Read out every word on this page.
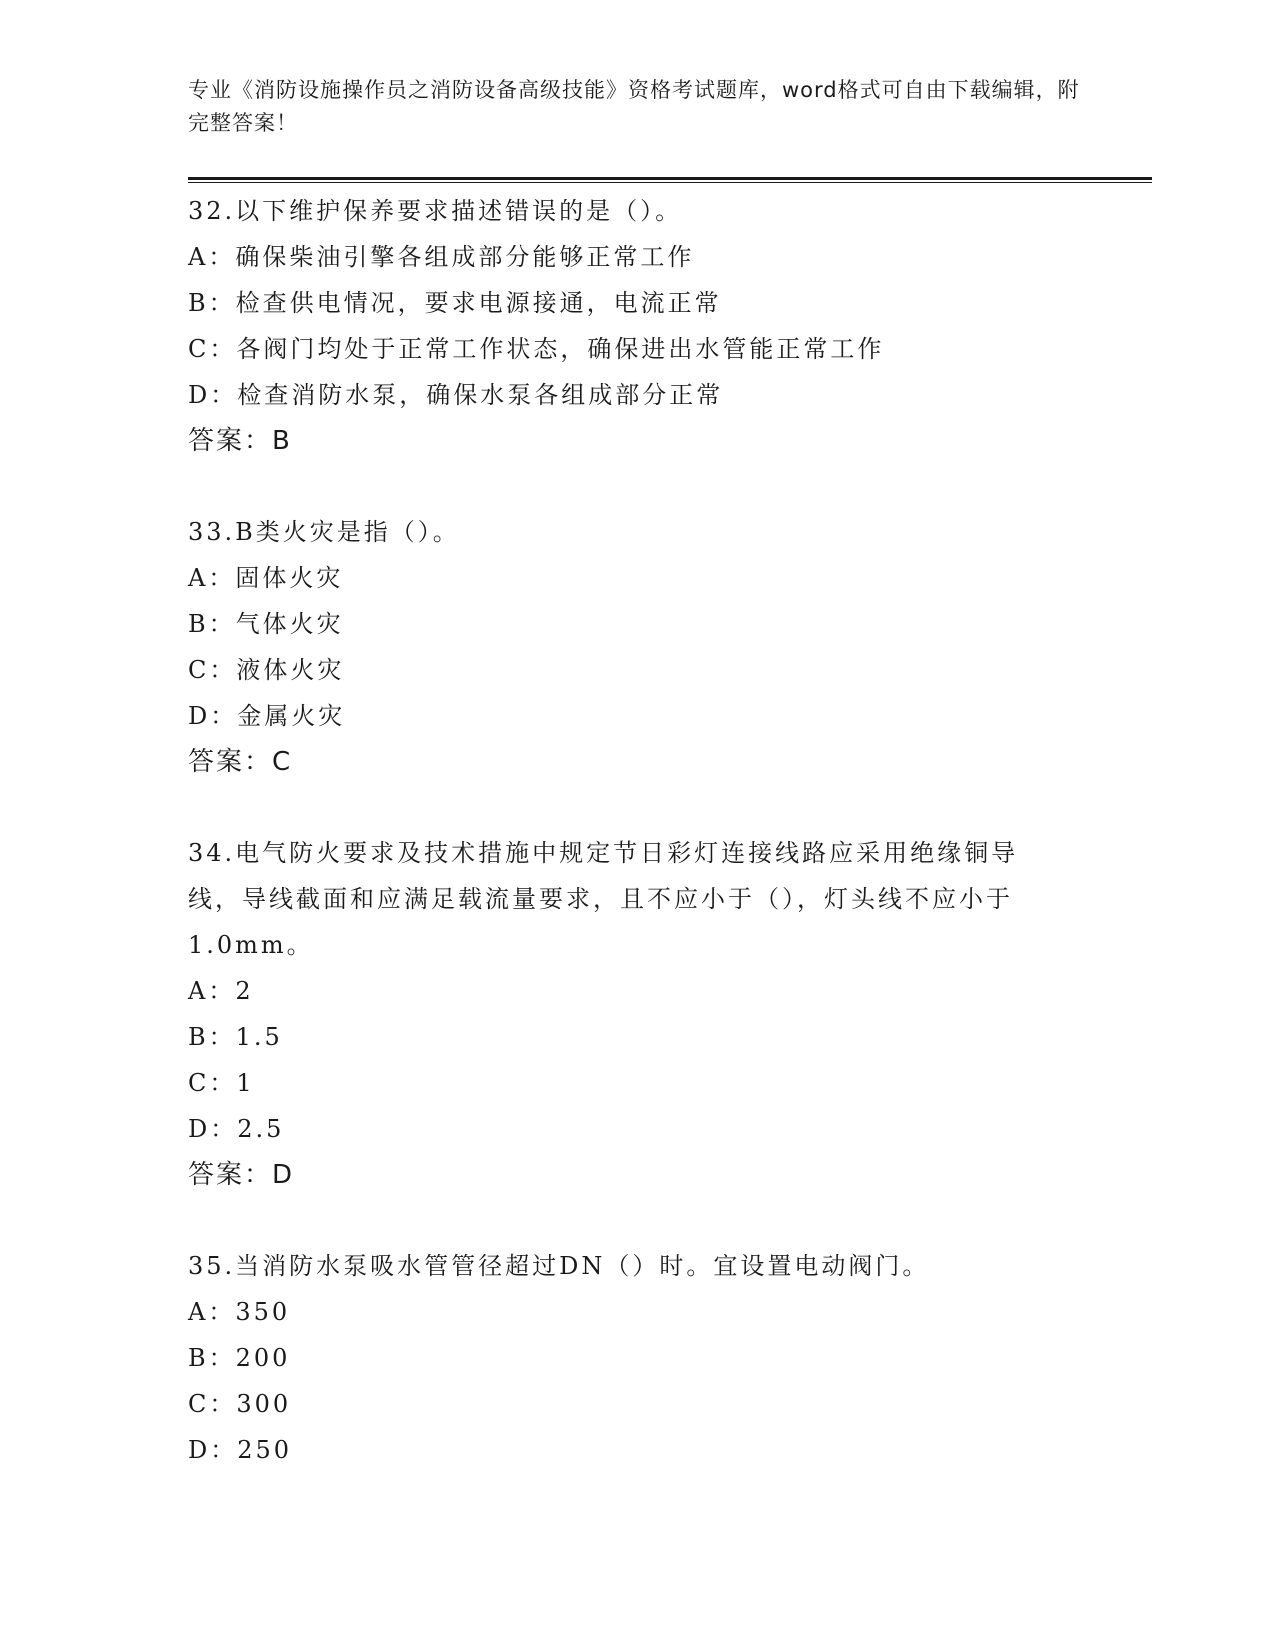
专业《消防设施操作员之消防设备高级技能》资格考试题库，word格式可自由下载编辑，附完整答案！
32.以下维护保养要求描述错误的是（）。
A：确保柴油引擎各组成部分能够正常工作
B：检查供电情况，要求电源接通，电流正常
C：各阀门均处于正常工作状态，确保进出水管能正常工作
D：检查消防水泵，确保水泵各组成部分正常
答案：B
33.B类火灾是指（）。
A：固体火灾
B：气体火灾
C：液体火灾
D：金属火灾
答案：C
34.电气防火要求及技术措施中规定节日彩灯连接线路应采用绝缘铜导线，导线截面和应满足载流量要求，且不应小于（），灯头线不应小于1.0mm。
A：2
B：1.5
C：1
D：2.5
答案：D
35.当消防水泵吸水管管径超过DN（）时。宜设置电动阀门。
A：350
B：200
C：300
D：250
